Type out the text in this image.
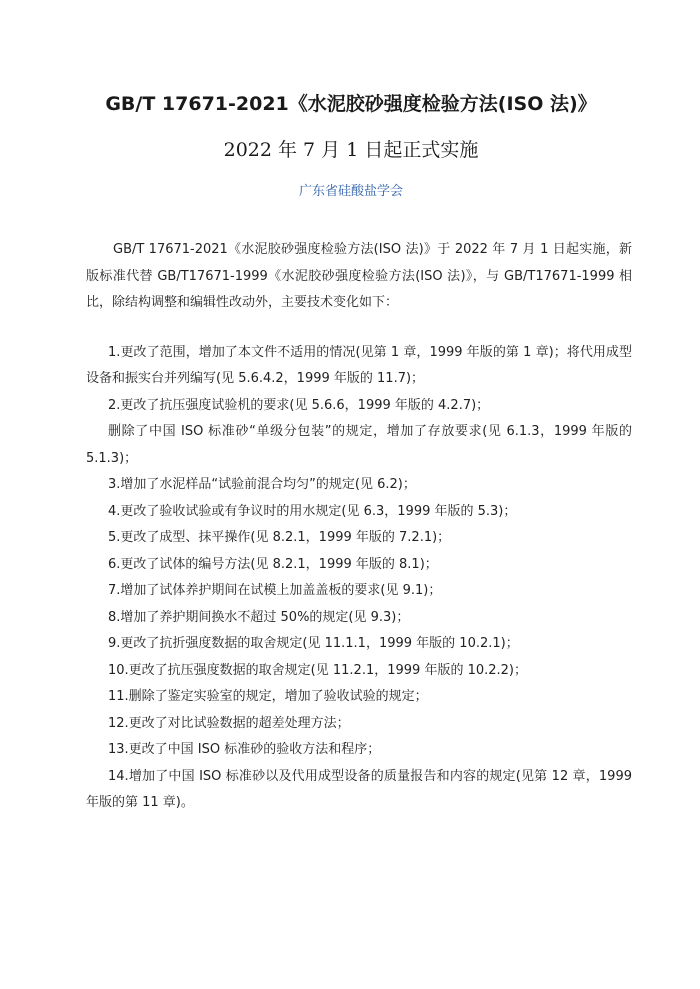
GB/T 17671-2021《水泥胶砂强度检验方法(ISO 法)》
2022 年 7 月 1 日起正式实施
广东省硅酸盐学会

GB/T 17671-2021《水泥胶砂强度检验方法(ISO 法)》于 2022 年 7 月 1 日起实施，新版标准代替 GB/T17671-1999《水泥胶砂强度检验方法(ISO 法)》，与 GB/T17671-1999 相比，除结构调整和编辑性改动外，主要技术变化如下：

1.更改了范围，增加了本文件不适用的情况(见第 1 章，1999 年版的第 1 章)；将代用成型设备和振实台并列编写(见 5.6.4.2，1999 年版的 11.7)；
2.更改了抗压强度试验机的要求(见 5.6.6，1999 年版的 4.2.7)；
删除了中国 ISO 标准砂“单级分包装”的规定，增加了存放要求(见 6.1.3，1999 年版的 5.1.3)；
3.增加了水泥样品“试验前混合均匀”的规定(见 6.2)；
4.更改了验收试验或有争议时的用水规定(见 6.3，1999 年版的 5.3)；
5.更改了成型、抹平操作(见 8.2.1，1999 年版的 7.2.1)；
6.更改了试体的编号方法(见 8.2.1，1999 年版的 8.1)；
7.增加了试体养护期间在试模上加盖盖板的要求(见 9.1)；
8.增加了养护期间换水不超过 50%的规定(见 9.3)；
9.更改了抗折强度数据的取舍规定(见 11.1.1，1999 年版的 10.2.1)；
10.更改了抗压强度数据的取舍规定(见 11.2.1，1999 年版的 10.2.2)；
11.删除了鉴定实验室的规定，增加了验收试验的规定；
12.更改了对比试验数据的超差处理方法；
13.更改了中国 ISO 标准砂的验收方法和程序；
14.增加了中国 ISO 标准砂以及代用成型设备的质量报告和内容的规定(见第 12 章，1999 年版的第 11 章)。
